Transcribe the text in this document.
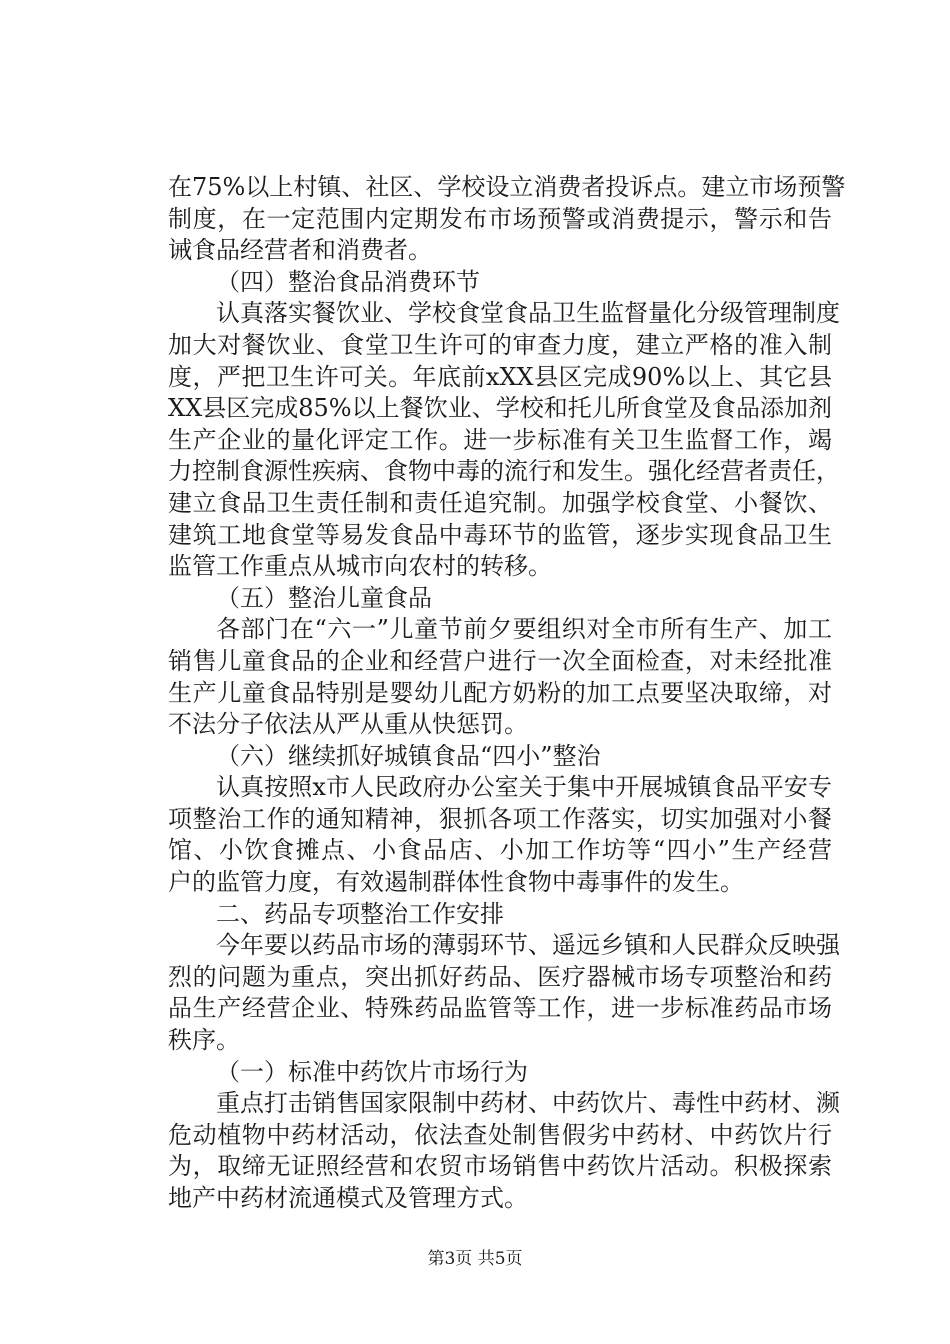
在75%以上村镇、社区、学校设立消费者投诉点。建立市场预警
制度，在一定范围内定期发布市场预警或消费提示，警示和告
诫食品经营者和消费者。
（四）整治食品消费环节
认真落实餐饮业、学校食堂食品卫生监督量化分级管理制度
加大对餐饮业、食堂卫生许可的审查力度，建立严格的准入制
度，严把卫生许可关。年底前xXX县区完成90%以上、其它县
XX县区完成85%以上餐饮业、学校和托儿所食堂及食品添加剂
生产企业的量化评定工作。进一步标准有关卫生监督工作，竭
力控制食源性疾病、食物中毒的流行和发生。强化经营者责任，
建立食品卫生责任制和责任追究制。加强学校食堂、小餐饮、
建筑工地食堂等易发食品中毒环节的监管，逐步实现食品卫生
监管工作重点从城市向农村的转移。
（五）整治儿童食品
各部门在“六一”儿童节前夕要组织对全市所有生产、加工
销售儿童食品的企业和经营户进行一次全面检查，对未经批准
生产儿童食品特别是婴幼儿配方奶粉的加工点要坚决取缔，对
不法分子依法从严从重从快惩罚。
（六）继续抓好城镇食品“四小”整治
认真按照x市人民政府办公室关于集中开展城镇食品平安专
项整治工作的通知精神，狠抓各项工作落实，切实加强对小餐
馆、小饮食摊点、小食品店、小加工作坊等“四小”生产经营
户的监管力度，有效遏制群体性食物中毒事件的发生。
二、药品专项整治工作安排
今年要以药品市场的薄弱环节、遥远乡镇和人民群众反映强
烈的问题为重点，突出抓好药品、医疗器械市场专项整治和药
品生产经营企业、特殊药品监管等工作，进一步标准药品市场
秩序。
（一）标准中药饮片市场行为
重点打击销售国家限制中药材、中药饮片、毒性中药材、濒
危动植物中药材活动，依法查处制售假劣中药材、中药饮片行
为，取缔无证照经营和农贸市场销售中药饮片活动。积极探索
地产中药材流通模式及管理方式。
第3页 共5页
